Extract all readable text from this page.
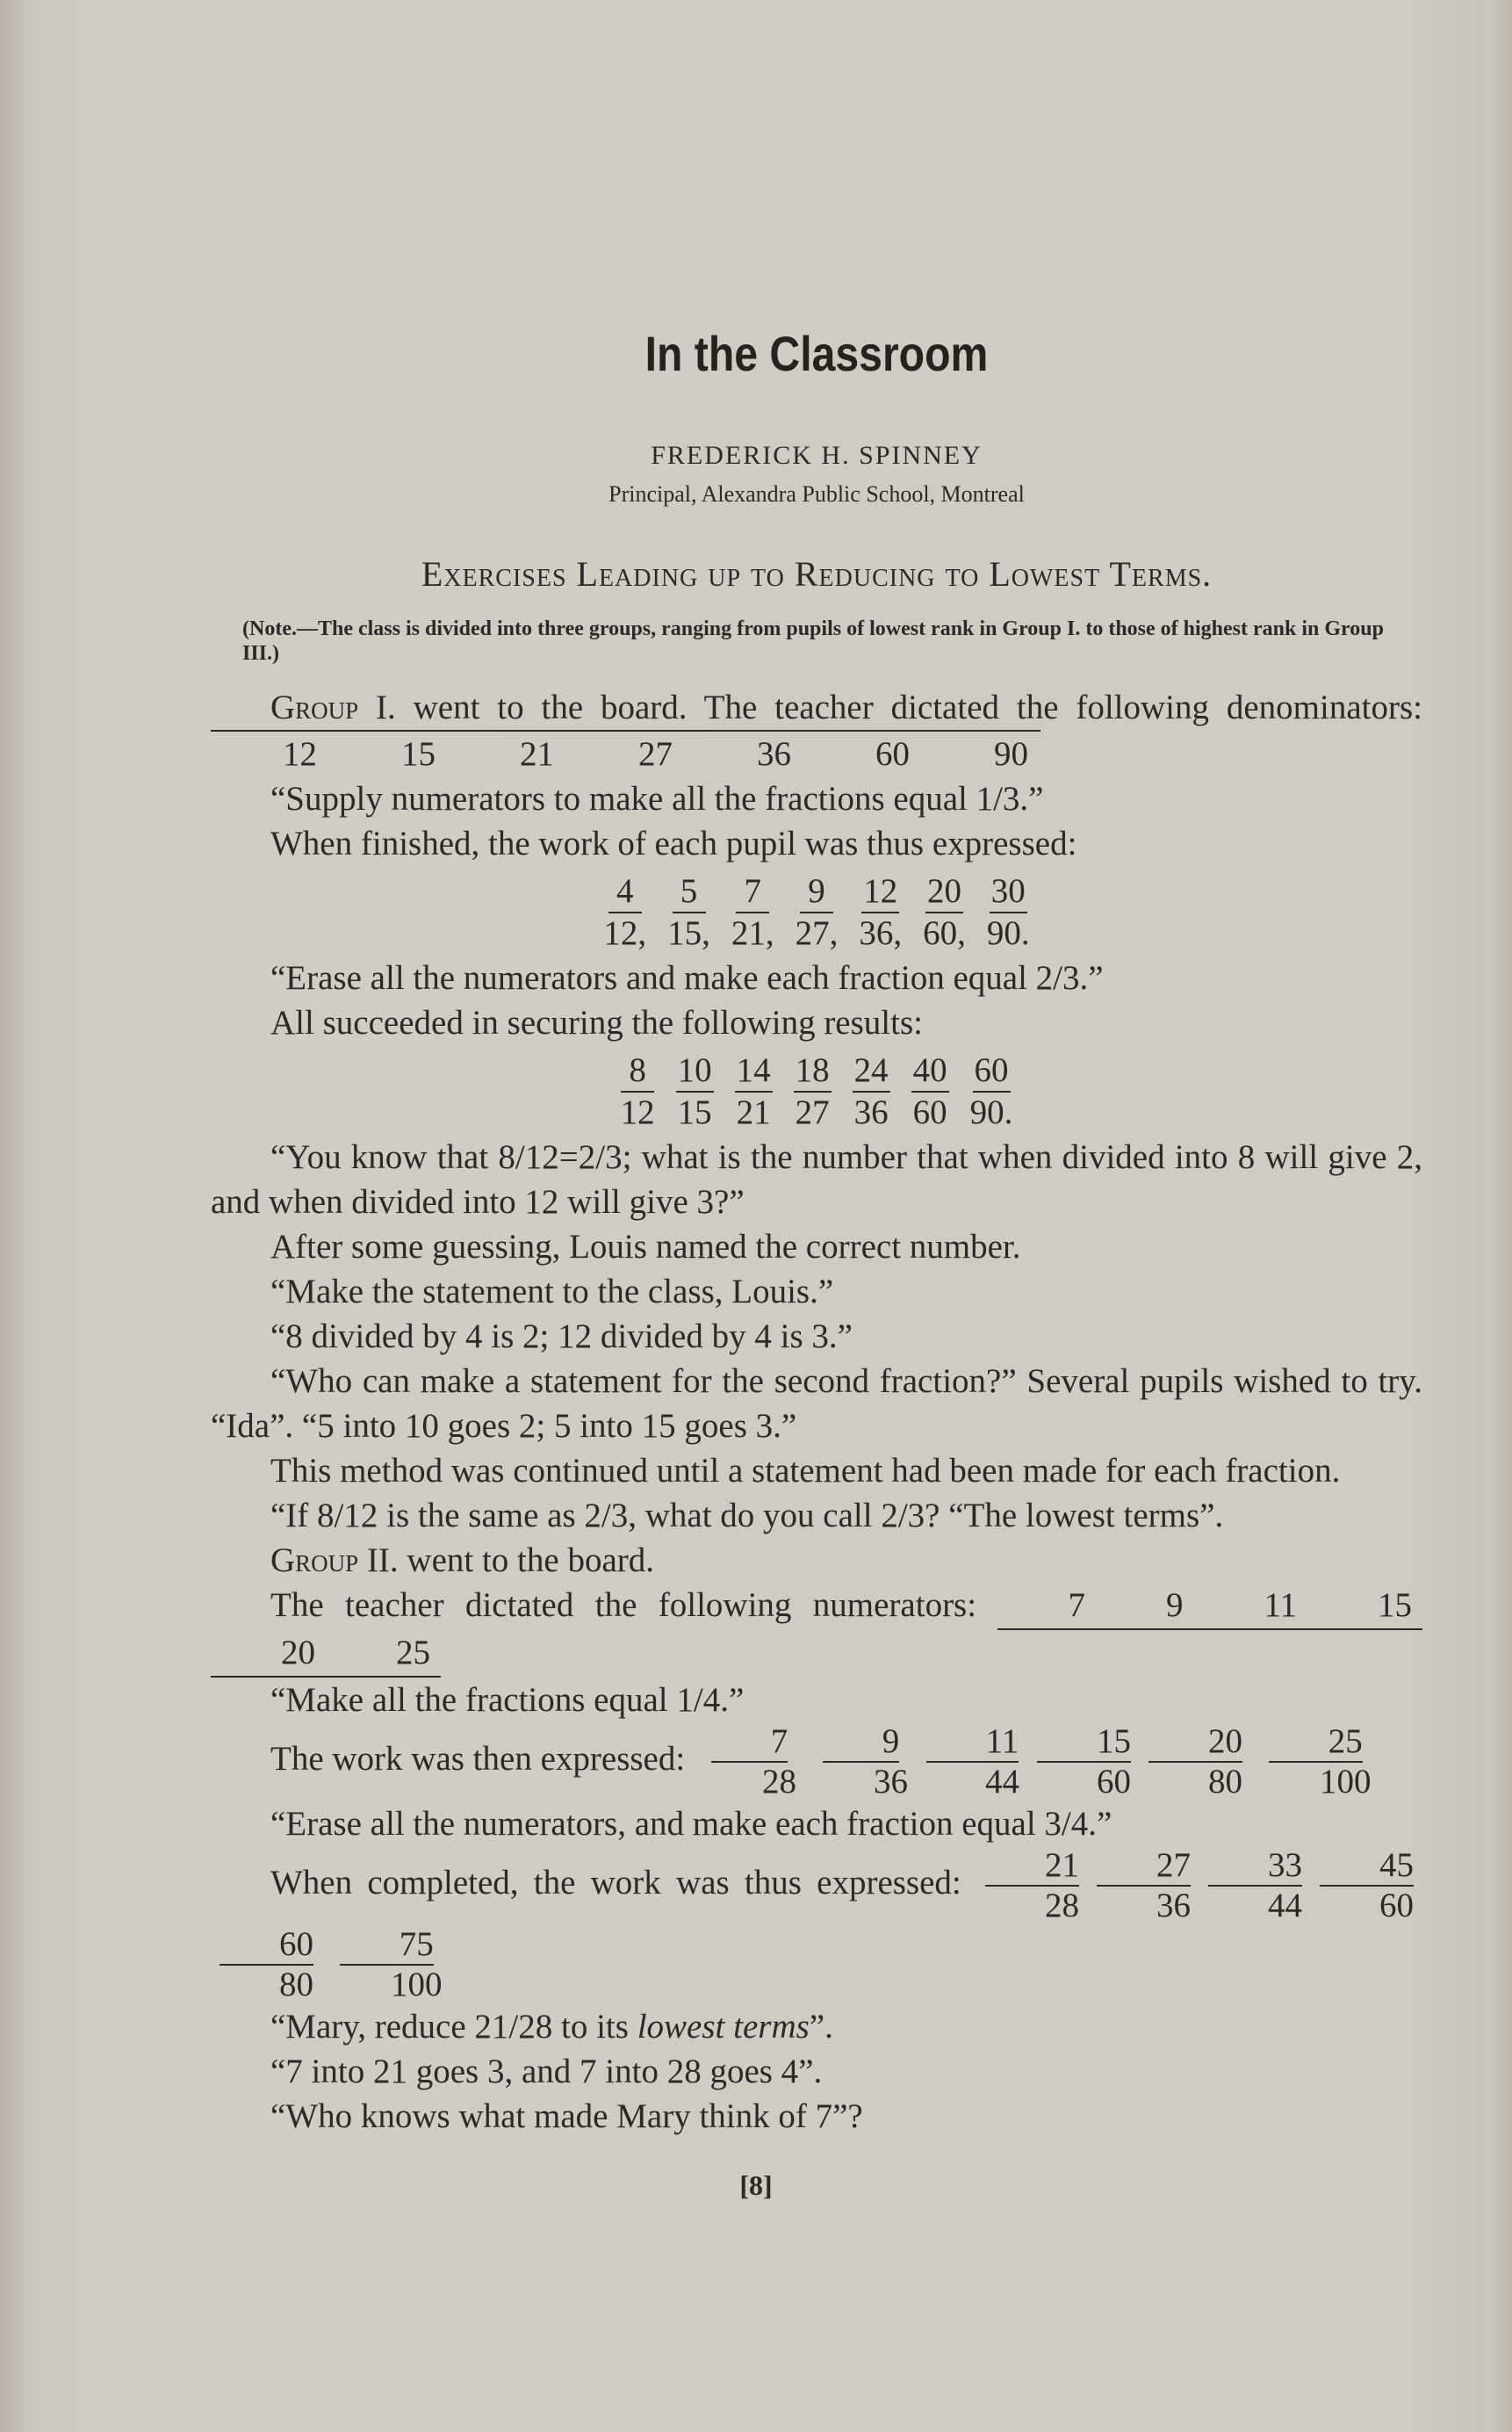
In the Classroom
FREDERICK H. SPINNEY
Principal, Alexandra Public School, Montreal
Exercises Leading up to Reducing to Lowest Terms.
(Note.—The class is divided into three groups, ranging from pupils of lowest rank in Group I. to those of highest rank in Group III.)

Group I. went to the board. The teacher dictated the following denominators: 12 15 21 27 36 60 90

“Supply numerators to make all the fractions equal 1/3.”

When finished, the work of each pupil was thus expressed:

$\frac{4}{12,} \frac{5}{15,} \frac{7}{21,} \frac{9}{27,} \frac{12}{36,} \frac{20}{60,} \frac{30}{90.}$

“Erase all the numerators and make each fraction equal 2/3.”

All succeeded in securing the following results:

$\frac{8}{12} \frac{10}{15} \frac{14}{21} \frac{18}{27} \frac{24}{36} \frac{40}{60} \frac{60}{90.}$

“You know that 8/12=2/3; what is the number that when divided into 8 will give 2, and when divided into 12 will give 3?”

After some guessing, Louis named the correct number.

“Make the statement to the class, Louis.”

“8 divided by 4 is 2; 12 divided by 4 is 3.”

“Who can make a statement for the second fraction?” Several pupils wished to try. “Ida”. “5 into 10 goes 2; 5 into 15 goes 3.”

This method was continued until a statement had been made for each fraction.

“If 8/12 is the same as 2/3, what do you call 2/3? “The lowest terms”.

Group II. went to the board.

The teacher dictated the following numerators:	7 9 11 1520 25

“Make all the fractions equal 1/4.”

The work was then expressed: $\frac{7}{28} \frac{9}{36} \frac{11}{44} \frac{15}{60} \frac{20}{80} \frac{25}{100}$

“Erase all the numerators, and make each fraction equal 3/4.”

When completed, the work was thus expressed: $\frac{21}{28} \frac{27}{36} \frac{33}{44} \frac{45}{60}$
$\frac{60}{80} \frac{75}{100}$

“Mary, reduce 21/28 to its lowest terms”.

“7 into 21 goes 3, and 7 into 28 goes 4”.

“Who knows what made Mary think of 7”?

[8]
